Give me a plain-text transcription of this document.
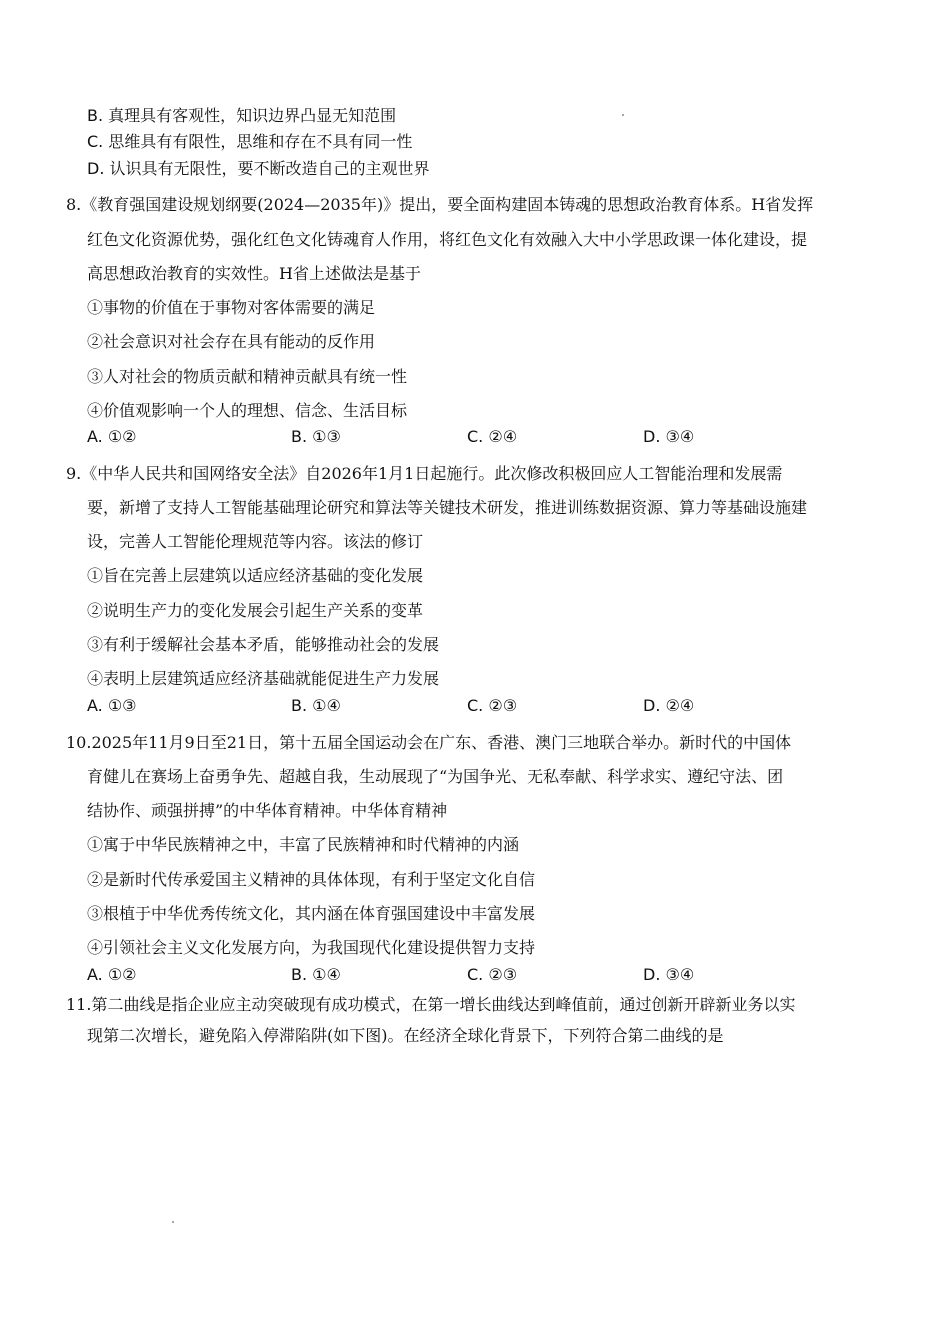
B. 真理具有客观性，知识边界凸显无知范围
C. 思维具有有限性，思维和存在不具有同一性
D. 认识具有无限性，要不断改造自己的主观世界
8.《教育强国建设规划纲要(2024—2035年)》提出，要全面构建固本铸魂的思想政治教育体系。H省发挥
红色文化资源优势，强化红色文化铸魂育人作用，将红色文化有效融入大中小学思政课一体化建设，提
高思想政治教育的实效性。H省上述做法是基于
①事物的价值在于事物对客体需要的满足
②社会意识对社会存在具有能动的反作用
③人对社会的物质贡献和精神贡献具有统一性
④价值观影响一个人的理想、信念、生活目标
A. ①②	B. ①③	C. ②④	D. ③④
9.《中华人民共和国网络安全法》自2026年1月1日起施行。此次修改积极回应人工智能治理和发展需
要，新增了支持人工智能基础理论研究和算法等关键技术研发，推进训练数据资源、算力等基础设施建
设，完善人工智能伦理规范等内容。该法的修订
①旨在完善上层建筑以适应经济基础的变化发展
②说明生产力的变化发展会引起生产关系的变革
③有利于缓解社会基本矛盾，能够推动社会的发展
④表明上层建筑适应经济基础就能促进生产力发展
A. ①③	B. ①④	C. ②③	D. ②④
10.2025年11月9日至21日，第十五届全国运动会在广东、香港、澳门三地联合举办。新时代的中国体
育健儿在赛场上奋勇争先、超越自我，生动展现了“为国争光、无私奉献、科学求实、遵纪守法、团
结协作、顽强拼搏”的中华体育精神。中华体育精神
①寓于中华民族精神之中，丰富了民族精神和时代精神的内涵
②是新时代传承爱国主义精神的具体体现，有利于坚定文化自信
③根植于中华优秀传统文化，其内涵在体育强国建设中丰富发展
④引领社会主义文化发展方向，为我国现代化建设提供智力支持
A. ①②	B. ①④	C. ②③	D. ③④
11.第二曲线是指企业应主动突破现有成功模式，在第一增长曲线达到峰值前，通过创新开辟新业务以实
现第二次增长，避免陷入停滞陷阱(如下图)。在经济全球化背景下，下列符合第二曲线的是
